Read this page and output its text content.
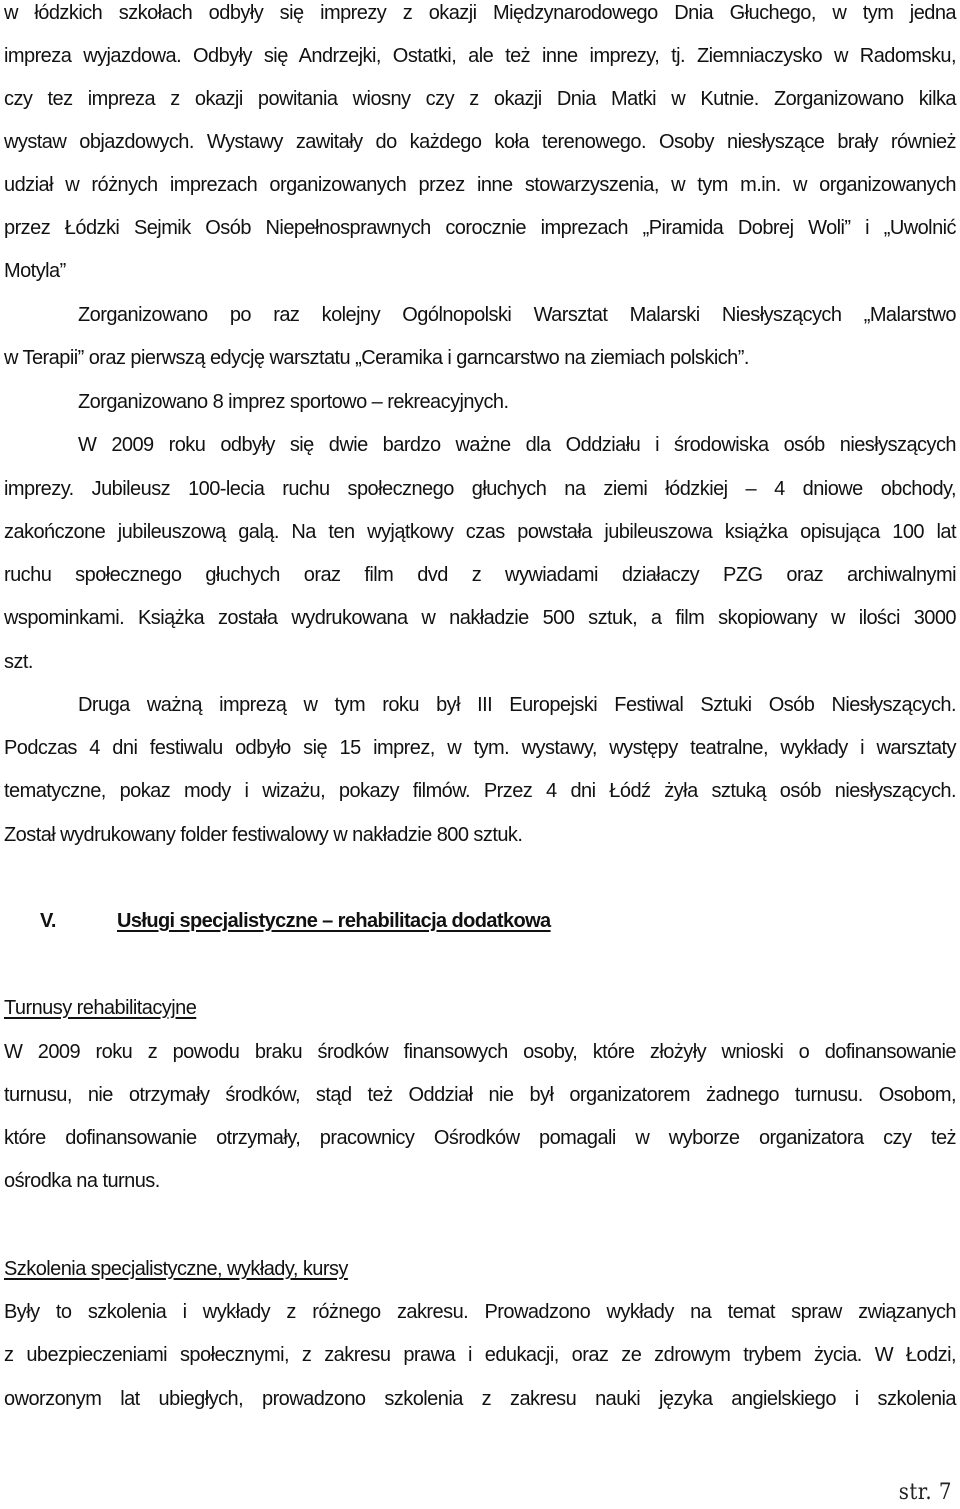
w łódzkich szkołach odbyły się imprezy z okazji Międzynarodowego Dnia Głuchego, w tym jedna
impreza wyjazdowa. Odbyły się Andrzejki, Ostatki, ale też inne imprezy, tj. Ziemniaczysko w Radomsku,
czy tez impreza z okazji powitania wiosny czy z okazji Dnia Matki w Kutnie. Zorganizowano kilka
wystaw objazdowych. Wystawy zawitały do każdego koła terenowego. Osoby niesłyszące brały również
udział w różnych imprezach organizowanych przez inne stowarzyszenia, w tym m.in. w organizowanych
przez Łódzki Sejmik Osób Niepełnosprawnych corocznie imprezach „Piramida Dobrej Woli” i „Uwolnić
Motyla”
Zorganizowano po raz kolejny Ogólnopolski Warsztat Malarski Niesłyszących „Malarstwo
w Terapii” oraz pierwszą edycję warsztatu „Ceramika i garncarstwo na ziemiach polskich”.
Zorganizowano 8 imprez sportowo – rekreacyjnych.
W 2009 roku odbyły się dwie bardzo ważne dla Oddziału i środowiska osób niesłyszących
imprezy. Jubileusz 100-lecia ruchu społecznego głuchych na ziemi łódzkiej – 4 dniowe obchody,
zakończone jubileuszową galą. Na ten wyjątkowy czas powstała jubileuszowa książka opisująca 100 lat
ruchu społecznego głuchych oraz film dvd z wywiadami działaczy PZG oraz archiwalnymi
wspominkami. Książka została wydrukowana w nakładzie 500 sztuk, a film skopiowany w ilości 3000
szt.
Druga ważną imprezą w tym roku był III Europejski Festiwal Sztuki Osób Niesłyszących.
Podczas 4 dni festiwalu odbyło się 15 imprez, w tym. wystawy, występy teatralne, wykłady i warsztaty
tematyczne, pokaz mody i wizażu, pokazy filmów. Przez 4 dni Łódź żyła sztuką osób niesłyszących.
Został wydrukowany folder festiwalowy w nakładzie 800 sztuk.
V.	Usługi specjalistyczne – rehabilitacja dodatkowa
Turnusy rehabilitacyjne
W 2009 roku z powodu braku środków finansowych osoby, które złożyły wnioski o dofinansowanie
turnusu, nie otrzymały środków, stąd też Oddział nie był organizatorem żadnego turnusu. Osobom,
które dofinansowanie otrzymały, pracownicy Ośrodków pomagali w wyborze organizatora czy też
ośrodka na turnus.
Szkolenia specjalistyczne, wykłady, kursy
Były to szkolenia i wykłady z różnego zakresu. Prowadzono wykłady na temat spraw związanych
z ubezpieczeniami społecznymi, z zakresu prawa i edukacji, oraz ze zdrowym trybem życia. W Łodzi,
oworzonym lat ubiegłych, prowadzono szkolenia z zakresu nauki języka angielskiego i szkolenia
str. 7
